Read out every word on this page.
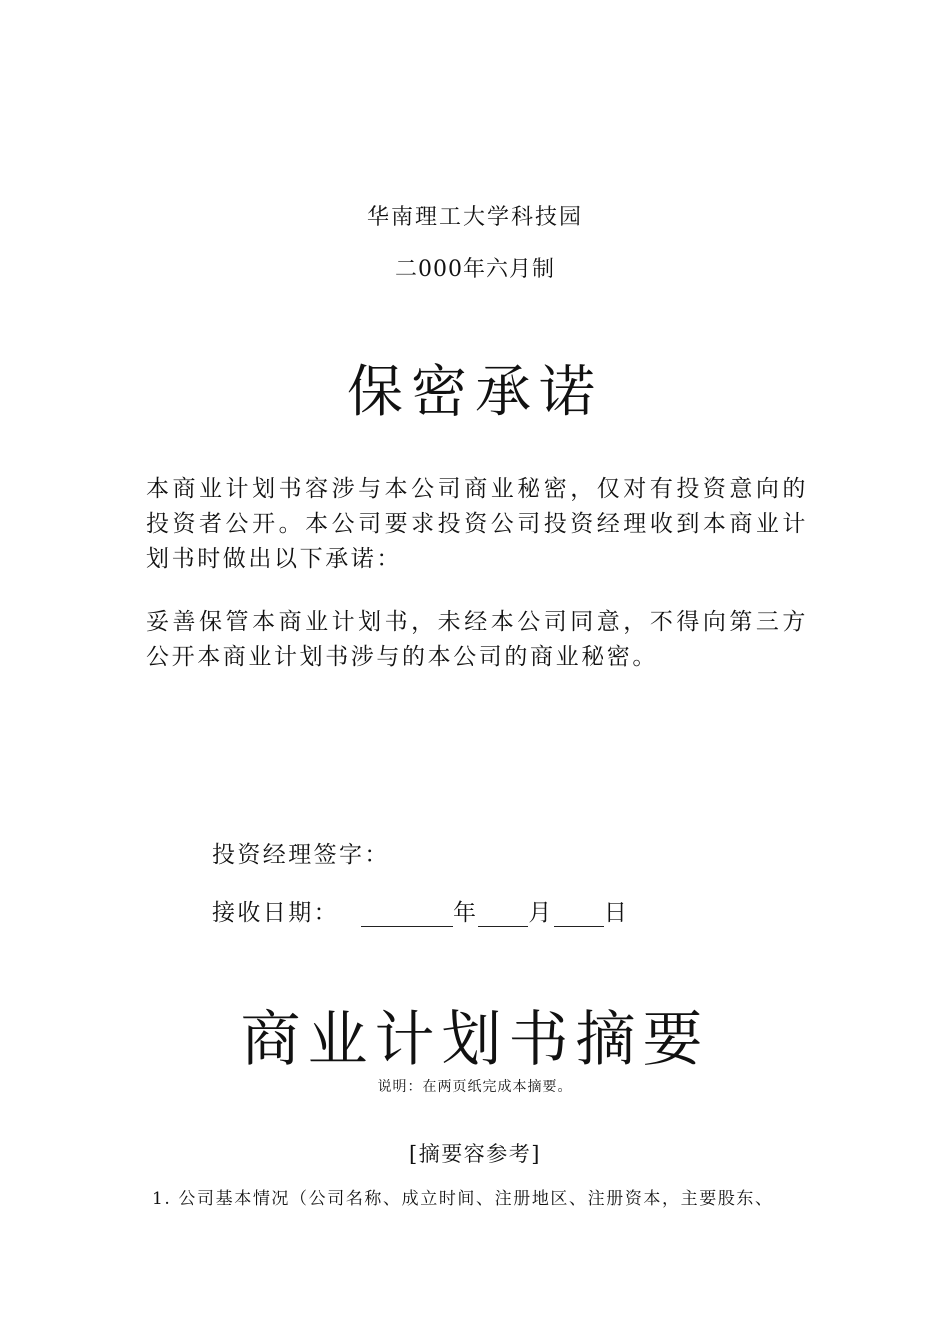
华南理工大学科技园
二000年六月制
保密承诺

本商业计划书容涉与本公司商业秘密，仅对有投资意向的投资者公开。本公司要求投资公司投资经理收到本商业计划书时做出以下承诺：

妥善保管本商业计划书，未经本公司同意，不得向第三方公开本商业计划书涉与的本公司的商业秘密。

投资经理签字：
接收日期：	年 月 日
商业计划书摘要
说明：在两页纸完成本摘要。
[摘要容参考]
1. 公司基本情况（公司名称、成立时间、注册地区、注册资本，主要股东、
